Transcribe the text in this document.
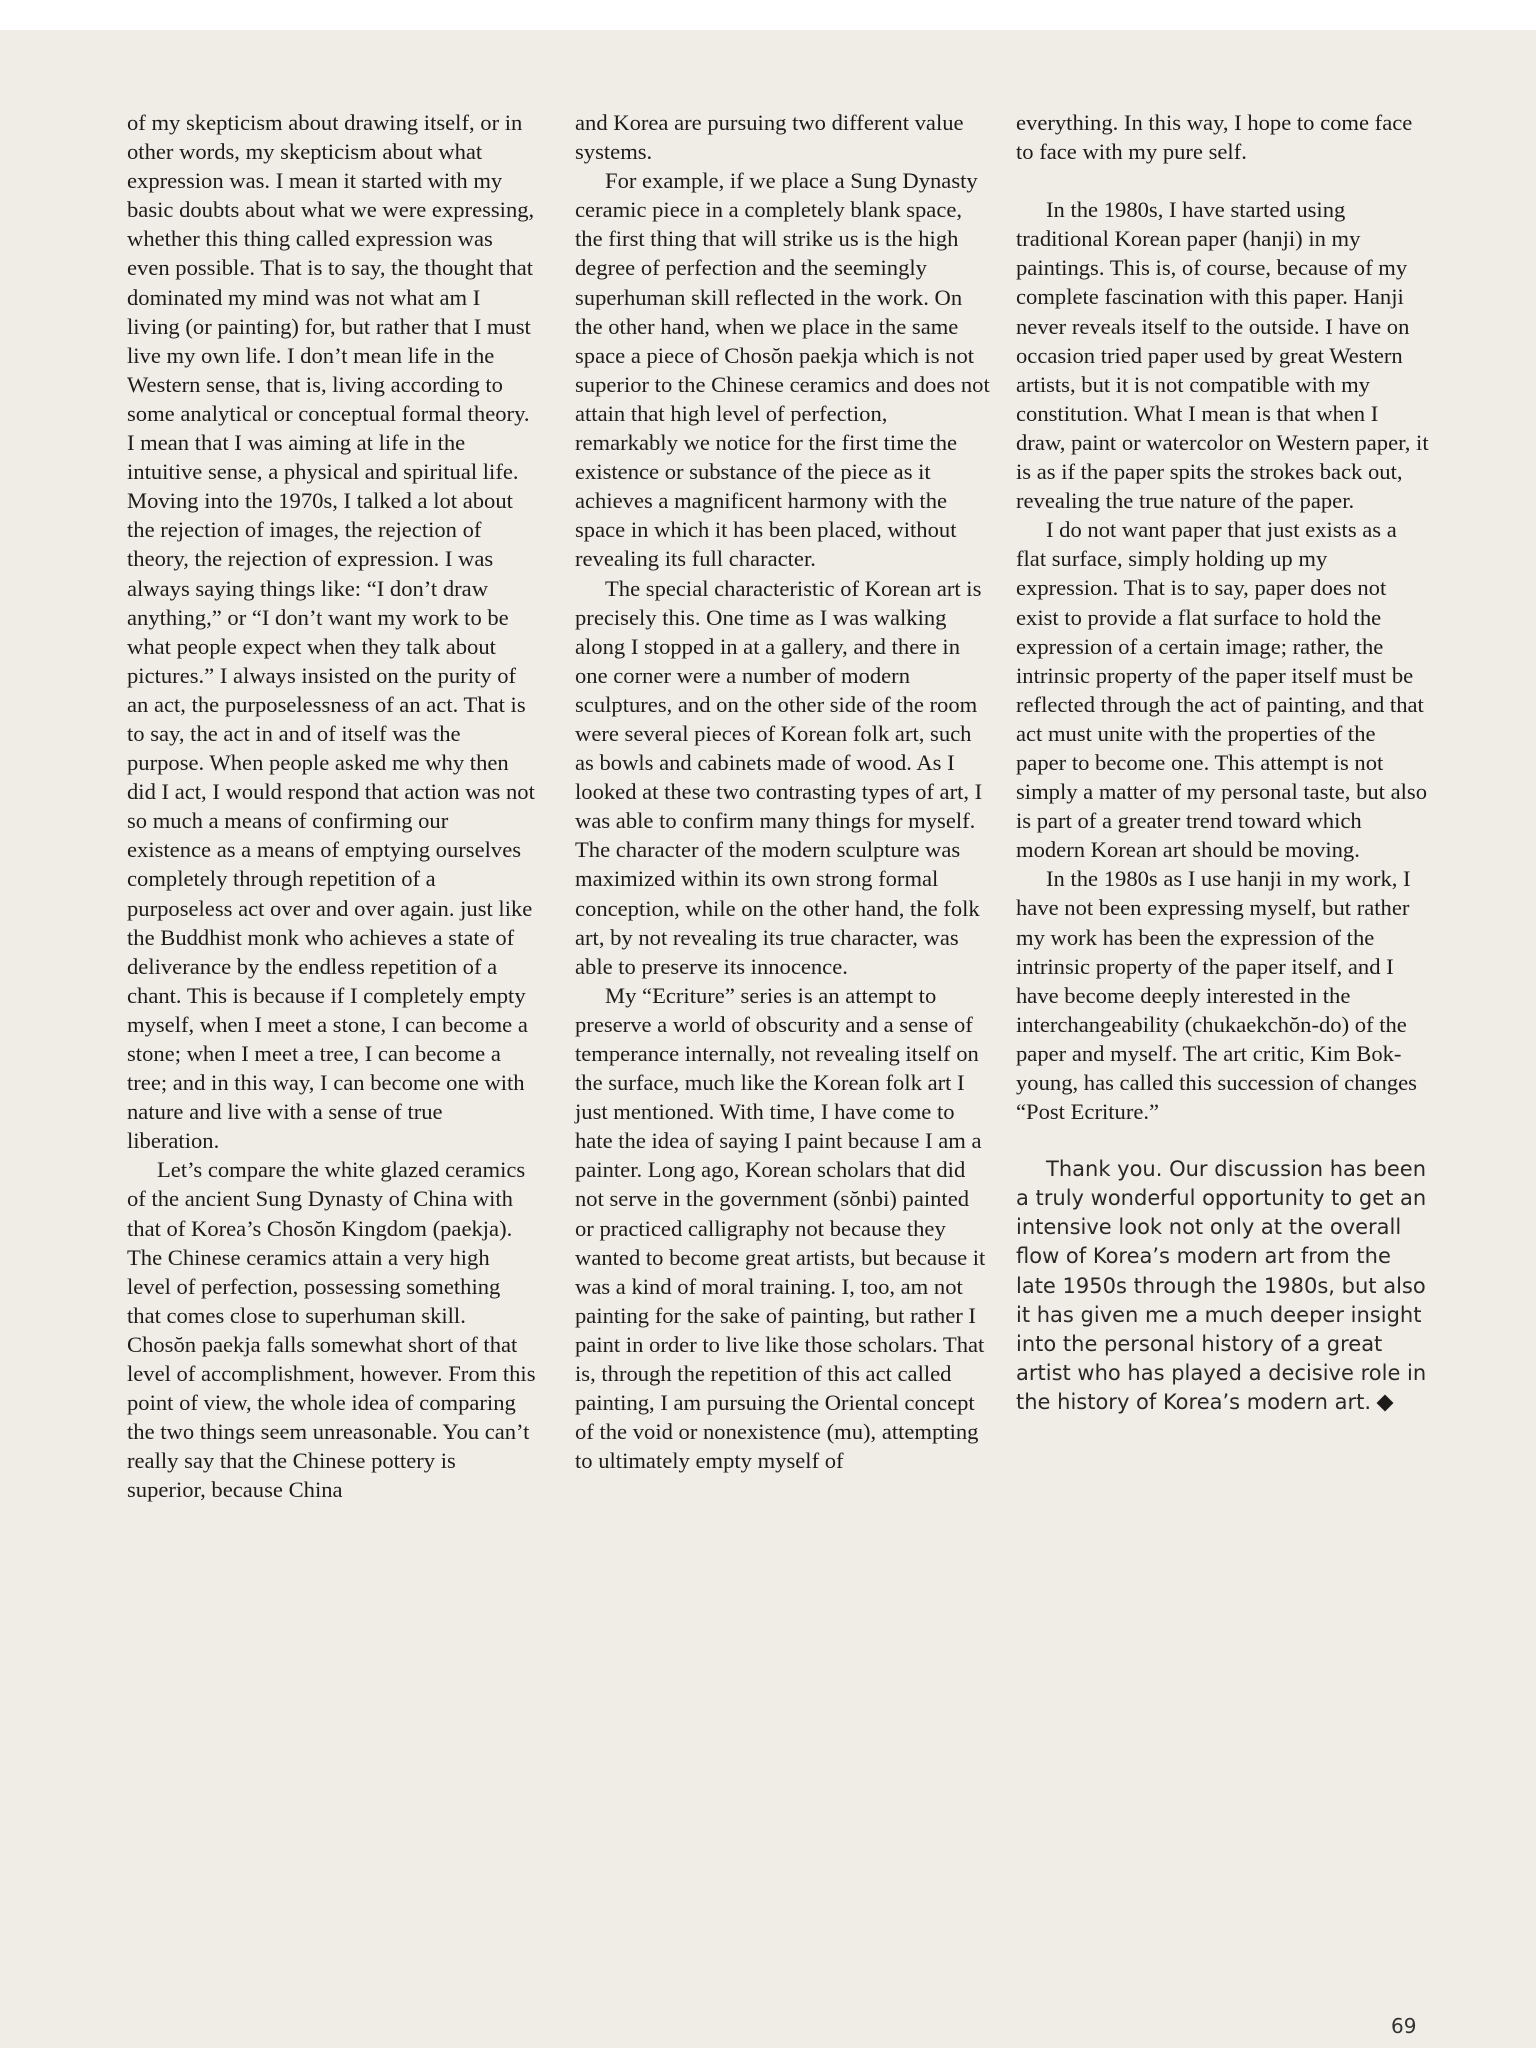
of my skepticism about drawing itself, or in other words, my skepticism about what expression was. I mean it started with my basic doubts about what we were expressing, whether this thing called expression was even possible. That is to say, the thought that dominated my mind was not what am I living (or painting) for, but rather that I must live my own life. I don’t mean life in the Western sense, that is, living according to some analytical or conceptual formal theory. I mean that I was aiming at life in the intuitive sense, a physical and spiritual life. Moving into the 1970s, I talked a lot about the rejection of images, the rejection of theory, the rejection of expression. I was always saying things like: “I don’t draw anything,” or “I don’t want my work to be what people expect when they talk about pictures.” I always insisted on the purity of an act, the purposelessness of an act. That is to say, the act in and of itself was the purpose. When people asked me why then did I act, I would respond that action was not so much a means of confirming our existence as a means of emptying ourselves completely through repetition of a purposeless act over and over again. just like the Buddhist monk who achieves a state of deliverance by the endless repetition of a chant. This is because if I completely empty myself, when I meet a stone, I can become a stone; when I meet a tree, I can become a tree; and in this way, I can become one with nature and live with a sense of true liberation.

Let’s compare the white glazed ceramics of the ancient Sung Dynasty of China with that of Korea’s Chosŏn Kingdom (paekja). The Chinese ceramics attain a very high level of perfection, possessing something that comes close to superhuman skill. Chosŏn paekja falls somewhat short of that level of accomplishment, however. From this point of view, the whole idea of comparing the two things seem unreasonable. You can’t really say that the Chinese pottery is superior, because China

and Korea are pursuing two different value systems.

For example, if we place a Sung Dynasty ceramic piece in a completely blank space, the first thing that will strike us is the high degree of perfection and the seemingly superhuman skill reflected in the work. On the other hand, when we place in the same space a piece of Chosŏn paekja which is not superior to the Chinese ceramics and does not attain that high level of perfection, remarkably we notice for the first time the existence or substance of the piece as it achieves a magnificent harmony with the space in which it has been placed, without revealing its full character.

The special characteristic of Korean art is precisely this. One time as I was walking along I stopped in at a gallery, and there in one corner were a number of modern sculptures, and on the other side of the room were several pieces of Korean folk art, such as bowls and cabinets made of wood. As I looked at these two contrasting types of art, I was able to confirm many things for myself. The character of the modern sculpture was maximized within its own strong formal conception, while on the other hand, the folk art, by not revealing its true character, was able to preserve its innocence.

My “Ecriture” series is an attempt to preserve a world of obscurity and a sense of temperance internally, not revealing itself on the surface, much like the Korean folk art I just mentioned. With time, I have come to hate the idea of saying I paint because I am a painter. Long ago, Korean scholars that did not serve in the government (sŏnbi) painted or practiced calligraphy not because they wanted to become great artists, but because it was a kind of moral training. I, too, am not painting for the sake of painting, but rather I paint in order to live like those scholars. That is, through the repetition of this act called painting, I am pursuing the Oriental concept of the void or nonexistence (mu), attempting to ultimately empty myself of

everything. In this way, I hope to come face to face with my pure self.

In the 1980s, I have started using traditional Korean paper (hanji) in my paintings. This is, of course, because of my complete fascination with this paper. Hanji never reveals itself to the outside. I have on occasion tried paper used by great Western artists, but it is not compatible with my constitution. What I mean is that when I draw, paint or watercolor on Western paper, it is as if the paper spits the strokes back out, revealing the true nature of the paper.

I do not want paper that just exists as a flat surface, simply holding up my expression. That is to say, paper does not exist to provide a flat surface to hold the expression of a certain image; rather, the intrinsic property of the paper itself must be reflected through the act of painting, and that act must unite with the properties of the paper to become one. This attempt is not simply a matter of my personal taste, but also is part of a greater trend toward which modern Korean art should be moving.

In the 1980s as I use hanji in my work, I have not been expressing myself, but rather my work has been the expression of the intrinsic property of the paper itself, and I have become deeply interested in the interchangeability (chukaekchŏn-do) of the paper and myself. The art critic, Kim Bok-young, has called this succession of changes “Post Ecriture.”

Thank you. Our discussion has been a truly wonderful opportunity to get an intensive look not only at the overall flow of Korea’s modern art from the late 1950s through the 1980s, but also it has given me a much deeper insight into the personal history of a great artist who has played a decisive role in the history of Korea’s modern art.

69
